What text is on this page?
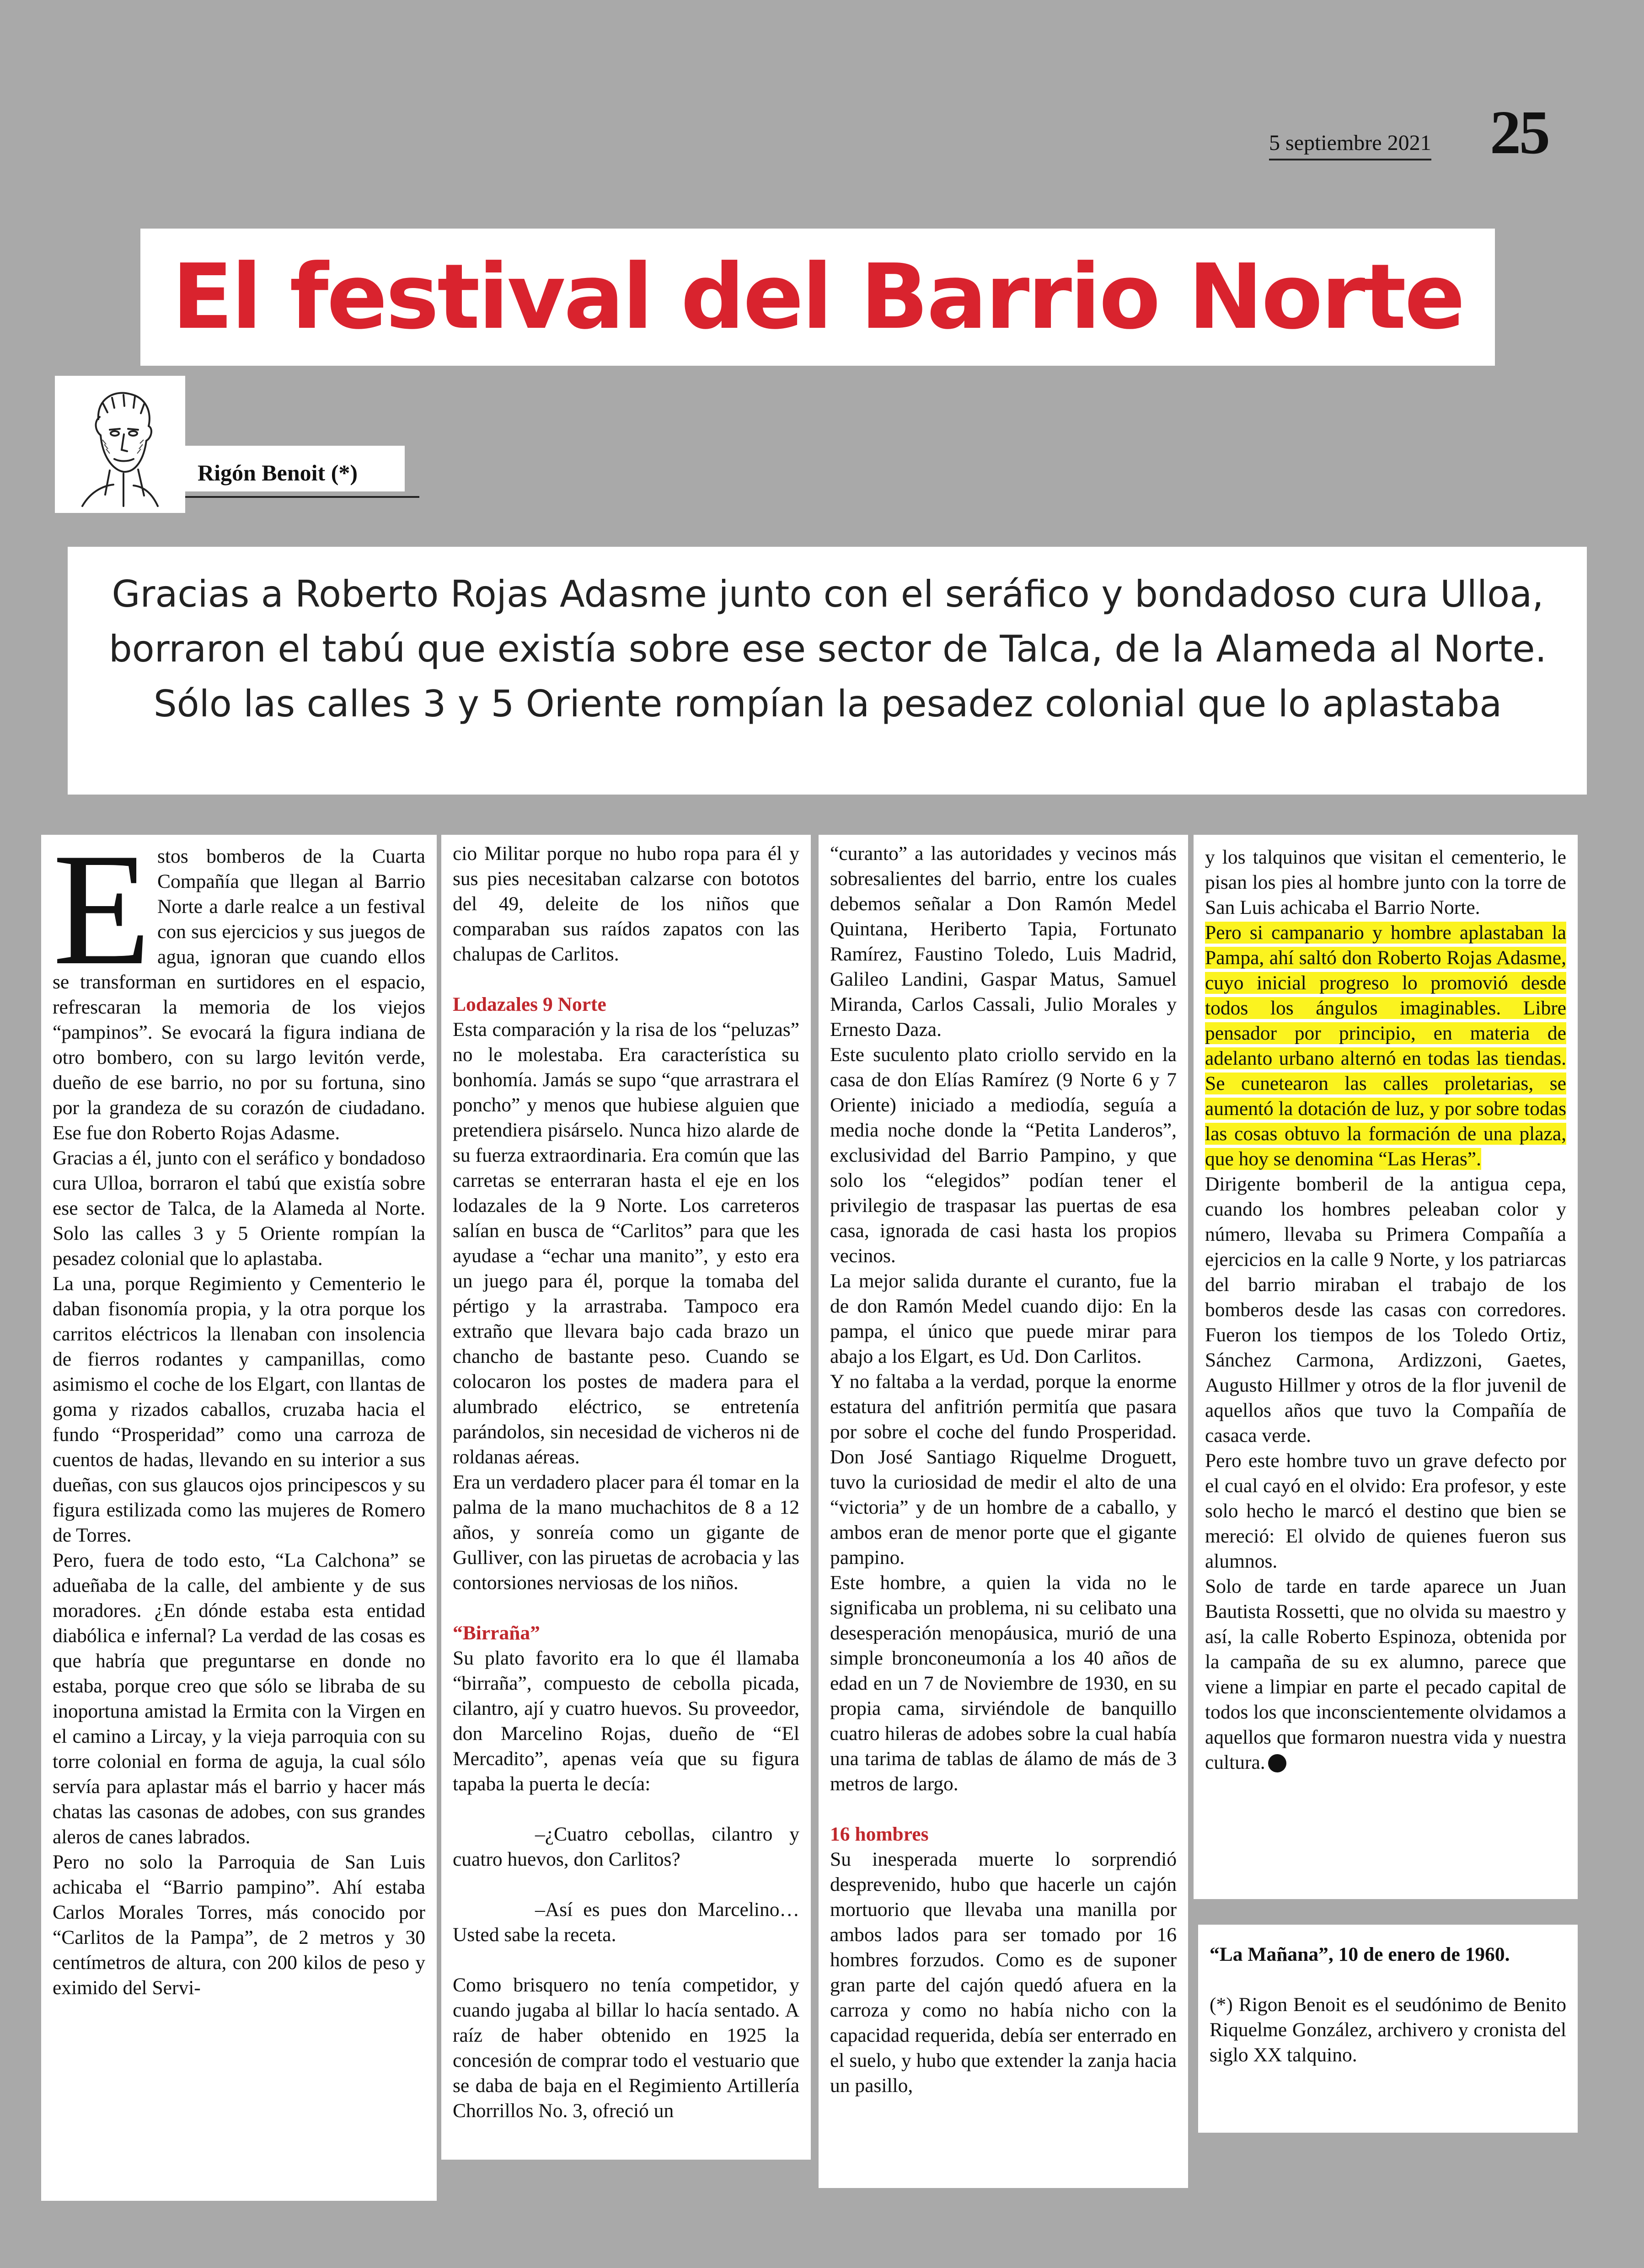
5 septiembre 2021 25
El festival del Barrio Norte
Rigón Benoit (*)
Gracias a Roberto Rojas Adasme junto con el seráfico y bondadoso cura Ulloa, borraron el tabú que existía sobre ese sector de Talca, de la Alameda al Norte. Sólo las calles 3 y 5 Oriente rompían la pesadez colonial que lo aplastaba

Estos bomberos de la Cuarta Compañía que llegan al Barrio Norte a darle realce a un festival con sus ejercicios y sus juegos de agua, ignoran que cuando ellos se transforman en surtidores en el espacio, refrescaran la memoria de los viejos “pampinos”. Se evocará la figura indiana de otro bombero, con su largo levitón verde, dueño de ese barrio, no por su fortuna, sino por la grandeza de su corazón de ciudadano. Ese fue don Roberto Rojas Adasme.

Gracias a él, junto con el seráfico y bondadoso cura Ulloa, borraron el tabú que existía sobre ese sector de Talca, de la Alameda al Norte. Solo las calles 3 y 5 Oriente rompían la pesadez colonial que lo aplastaba.

La una, porque Regimiento y Cementerio le daban fisonomía propia, y la otra porque los carritos eléctricos la llenaban con insolencia de fierros rodantes y campanillas, como asimismo el coche de los Elgart, con llantas de goma y rizados caballos, cruzaba hacia el fundo “Prosperidad” como una carroza de cuentos de hadas, llevando en su interior a sus dueñas, con sus glaucos ojos principescos y su figura estilizada como las mujeres de Romero de Torres.

Pero, fuera de todo esto, “La Calchona” se adueñaba de la calle, del ambiente y de sus moradores. ¿En dónde estaba esta entidad diabólica e infernal? La verdad de las cosas es que habría que preguntarse en donde no estaba, porque creo que sólo se libraba de su inoportuna amistad la Ermita con la Virgen en el camino a Lircay, y la vieja parroquia con su torre colonial en forma de aguja, la cual sólo servía para aplastar más el barrio y hacer más chatas las casonas de adobes, con sus grandes aleros de canes labrados.

Pero no solo la Parroquia de San Luis achicaba el “Barrio pampino”. Ahí estaba Carlos Morales Torres, más conocido por “Carlitos de la Pampa”, de 2 metros y 30 centímetros de altura, con 200 kilos de peso y eximido del Servi-

cio Militar porque no hubo ropa para él y sus pies necesitaban calzarse con bototos del 49, deleite de los niños que comparaban sus raídos zapatos con las chalupas de Carlitos.

Lodazales 9 Norte

Esta comparación y la risa de los “peluzas” no le molestaba. Era característica su bonhomía. Jamás se supo “que arrastrara el poncho” y menos que hubiese alguien que pretendiera pisárselo. Nunca hizo alarde de su fuerza extraordinaria. Era común que las carretas se enterraran hasta el eje en los lodazales de la 9 Norte. Los carreteros salían en busca de “Carlitos” para que les ayudase a “echar una manito”, y esto era un juego para él, porque la tomaba del pértigo y la arrastraba. Tampoco era extraño que llevara bajo cada brazo un chancho de bastante peso. Cuando se colocaron los postes de madera para el alumbrado eléctrico, se entretenía parándolos, sin necesidad de vicheros ni de roldanas aéreas.

Era un verdadero placer para él tomar en la palma de la mano muchachitos de 8 a 12 años, y sonreía como un gigante de Gulliver, con las piruetas de acrobacia y las contorsiones nerviosas de los niños.

“Birraña”

Su plato favorito era lo que él llamaba “birraña”, compuesto de cebolla picada, cilantro, ají y cuatro huevos. Su proveedor, don Marcelino Rojas, dueño de “El Mercadito”, apenas veía que su figura tapaba la puerta le decía:

–¿Cuatro cebollas, cilantro y cuatro huevos, don Carlitos?

–Así es pues don Marcelino… Usted sabe la receta.

Como brisquero no tenía competidor, y cuando jugaba al billar lo hacía sentado. A raíz de haber obtenido en 1925 la concesión de comprar todo el vestuario que se daba de baja en el Regimiento Artillería Chorrillos No. 3, ofreció un

“curanto” a las autoridades y vecinos más sobresalientes del barrio, entre los cuales debemos señalar a Don Ramón Medel Quintana, Heriberto Tapia, Fortunato Ramírez, Faustino Toledo, Luis Madrid, Galileo Landini, Gaspar Matus, Samuel Miranda, Carlos Cassali, Julio Morales y Ernesto Daza.

Este suculento plato criollo servido en la casa de don Elías Ramírez (9 Norte 6 y 7 Oriente) iniciado a mediodía, seguía a media noche donde la “Petita Landeros”, exclusividad del Barrio Pampino, y que solo los “elegidos” podían tener el privilegio de traspasar las puertas de esa casa, ignorada de casi hasta los propios vecinos.

La mejor salida durante el curanto, fue la de don Ramón Medel cuando dijo: En la pampa, el único que puede mirar para abajo a los Elgart, es Ud. Don Carlitos.

Y no faltaba a la verdad, porque la enorme estatura del anfitrión permitía que pasara por sobre el coche del fundo Prosperidad. Don José Santiago Riquelme Droguett, tuvo la curiosidad de medir el alto de una “victoria” y de un hombre de a caballo, y ambos eran de menor porte que el gigante pampino.

Este hombre, a quien la vida no le significaba un problema, ni su celibato una desesperación menopáusica, murió de una simple bronconeumonía a los 40 años de edad en un 7 de Noviembre de 1930, en su propia cama, sirviéndole de banquillo cuatro hileras de adobes sobre la cual había una tarima de tablas de álamo de más de 3 metros de largo.

16 hombres

Su inesperada muerte lo sorprendió desprevenido, hubo que hacerle un cajón mortuorio que llevaba una manilla por ambos lados para ser tomado por 16 hombres forzudos. Como es de suponer gran parte del cajón quedó afuera en la carroza y como no había nicho con la capacidad requerida, debía ser enterrado en el suelo, y hubo que extender la zanja hacia un pasillo,

y los talquinos que visitan el cementerio, le pisan los pies al hombre junto con la torre de San Luis achicaba el Barrio Norte.

Pero si campanario y hombre aplastaban la Pampa, ahí saltó don Roberto Rojas Adasme, cuyo inicial progreso lo promovió desde todos los ángulos imaginables. Libre pensador por principio, en materia de adelanto urbano alternó en todas las tiendas. Se cunetearon las calles proletarias, se aumentó la dotación de luz, y por sobre todas las cosas obtuvo la formación de una plaza, que hoy se denomina “Las Heras”.

Dirigente bomberil de la antigua cepa, cuando los hombres peleaban color y número, llevaba su Primera Compañía a ejercicios en la calle 9 Norte, y los patriarcas del barrio miraban el trabajo de los bomberos desde las casas con corredores. Fueron los tiempos de los Toledo Ortiz, Sánchez Carmona, Ardizzoni, Gaetes, Augusto Hillmer y otros de la flor juvenil de aquellos años que tuvo la Compañía de casaca verde.

Pero este hombre tuvo un grave defecto por el cual cayó en el olvido: Era profesor, y este solo hecho le marcó el destino que bien se mereció: El olvido de quienes fueron sus alumnos.

Solo de tarde en tarde aparece un Juan Bautista Rossetti, que no olvida su maestro y así, la calle Roberto Espinoza, obtenida por la campaña de su ex alumno, parece que viene a limpiar en parte el pecado capital de todos los que inconscientemente olvidamos a aquellos que formaron nuestra vida y nuestra cultura.

“La Mañana”, 10 de enero de 1960.

(*) Rigon Benoit es el seudónimo de Benito Riquelme González, archivero y cronista del siglo XX talquino.
